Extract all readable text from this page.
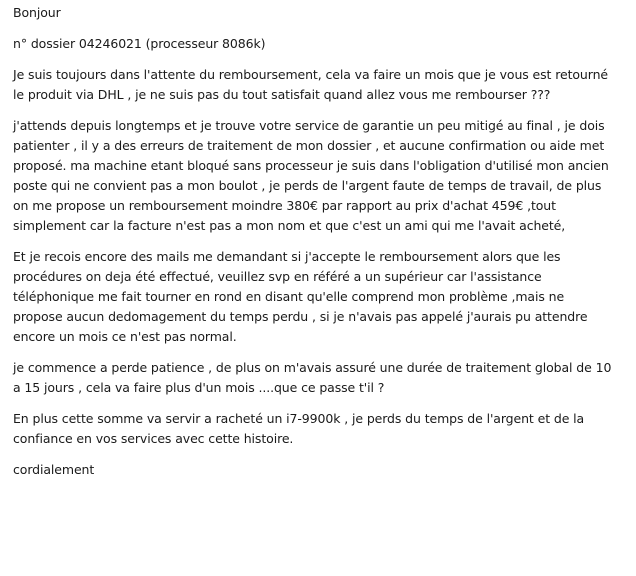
Bonjour

n° dossier 04246021 (processeur 8086k)

Je suis toujours dans l'attente du remboursement, cela va faire un mois que je vous est retourné
le produit via DHL , je ne suis pas du tout satisfait quand allez vous me rembourser ???

j'attends depuis longtemps et je trouve votre service de garantie un peu mitigé au final , je dois
patienter , il y a des erreurs de traitement de mon dossier , et aucune confirmation ou aide met
proposé. ma machine etant bloqué sans processeur je suis dans l'obligation d'utilisé mon ancien
poste qui ne convient pas a mon boulot , je perds de l'argent faute de temps de travail, de plus
on me propose un remboursement moindre 380€ par rapport au prix d'achat 459€ ,tout
simplement car la facture n'est pas a mon nom et que c'est un ami qui me l'avait acheté,

Et je recois encore des mails me demandant si j'accepte le remboursement alors que les
procédures on deja été effectué, veuillez svp en référé a un supérieur car l'assistance
téléphonique me fait tourner en rond en disant qu'elle comprend mon problème ,mais ne
propose aucun dedomagement du temps perdu , si je n'avais pas appelé j'aurais pu attendre
encore un mois ce n'est pas normal.

je commence a perde patience , de plus on m'avais assuré une durée de traitement global de 10
a 15 jours , cela va faire plus d'un mois ....que ce passe t'il ?

En plus cette somme va servir a racheté un i7-9900k , je perds du temps de l'argent et de la
confiance en vos services avec cette histoire.

cordialement
